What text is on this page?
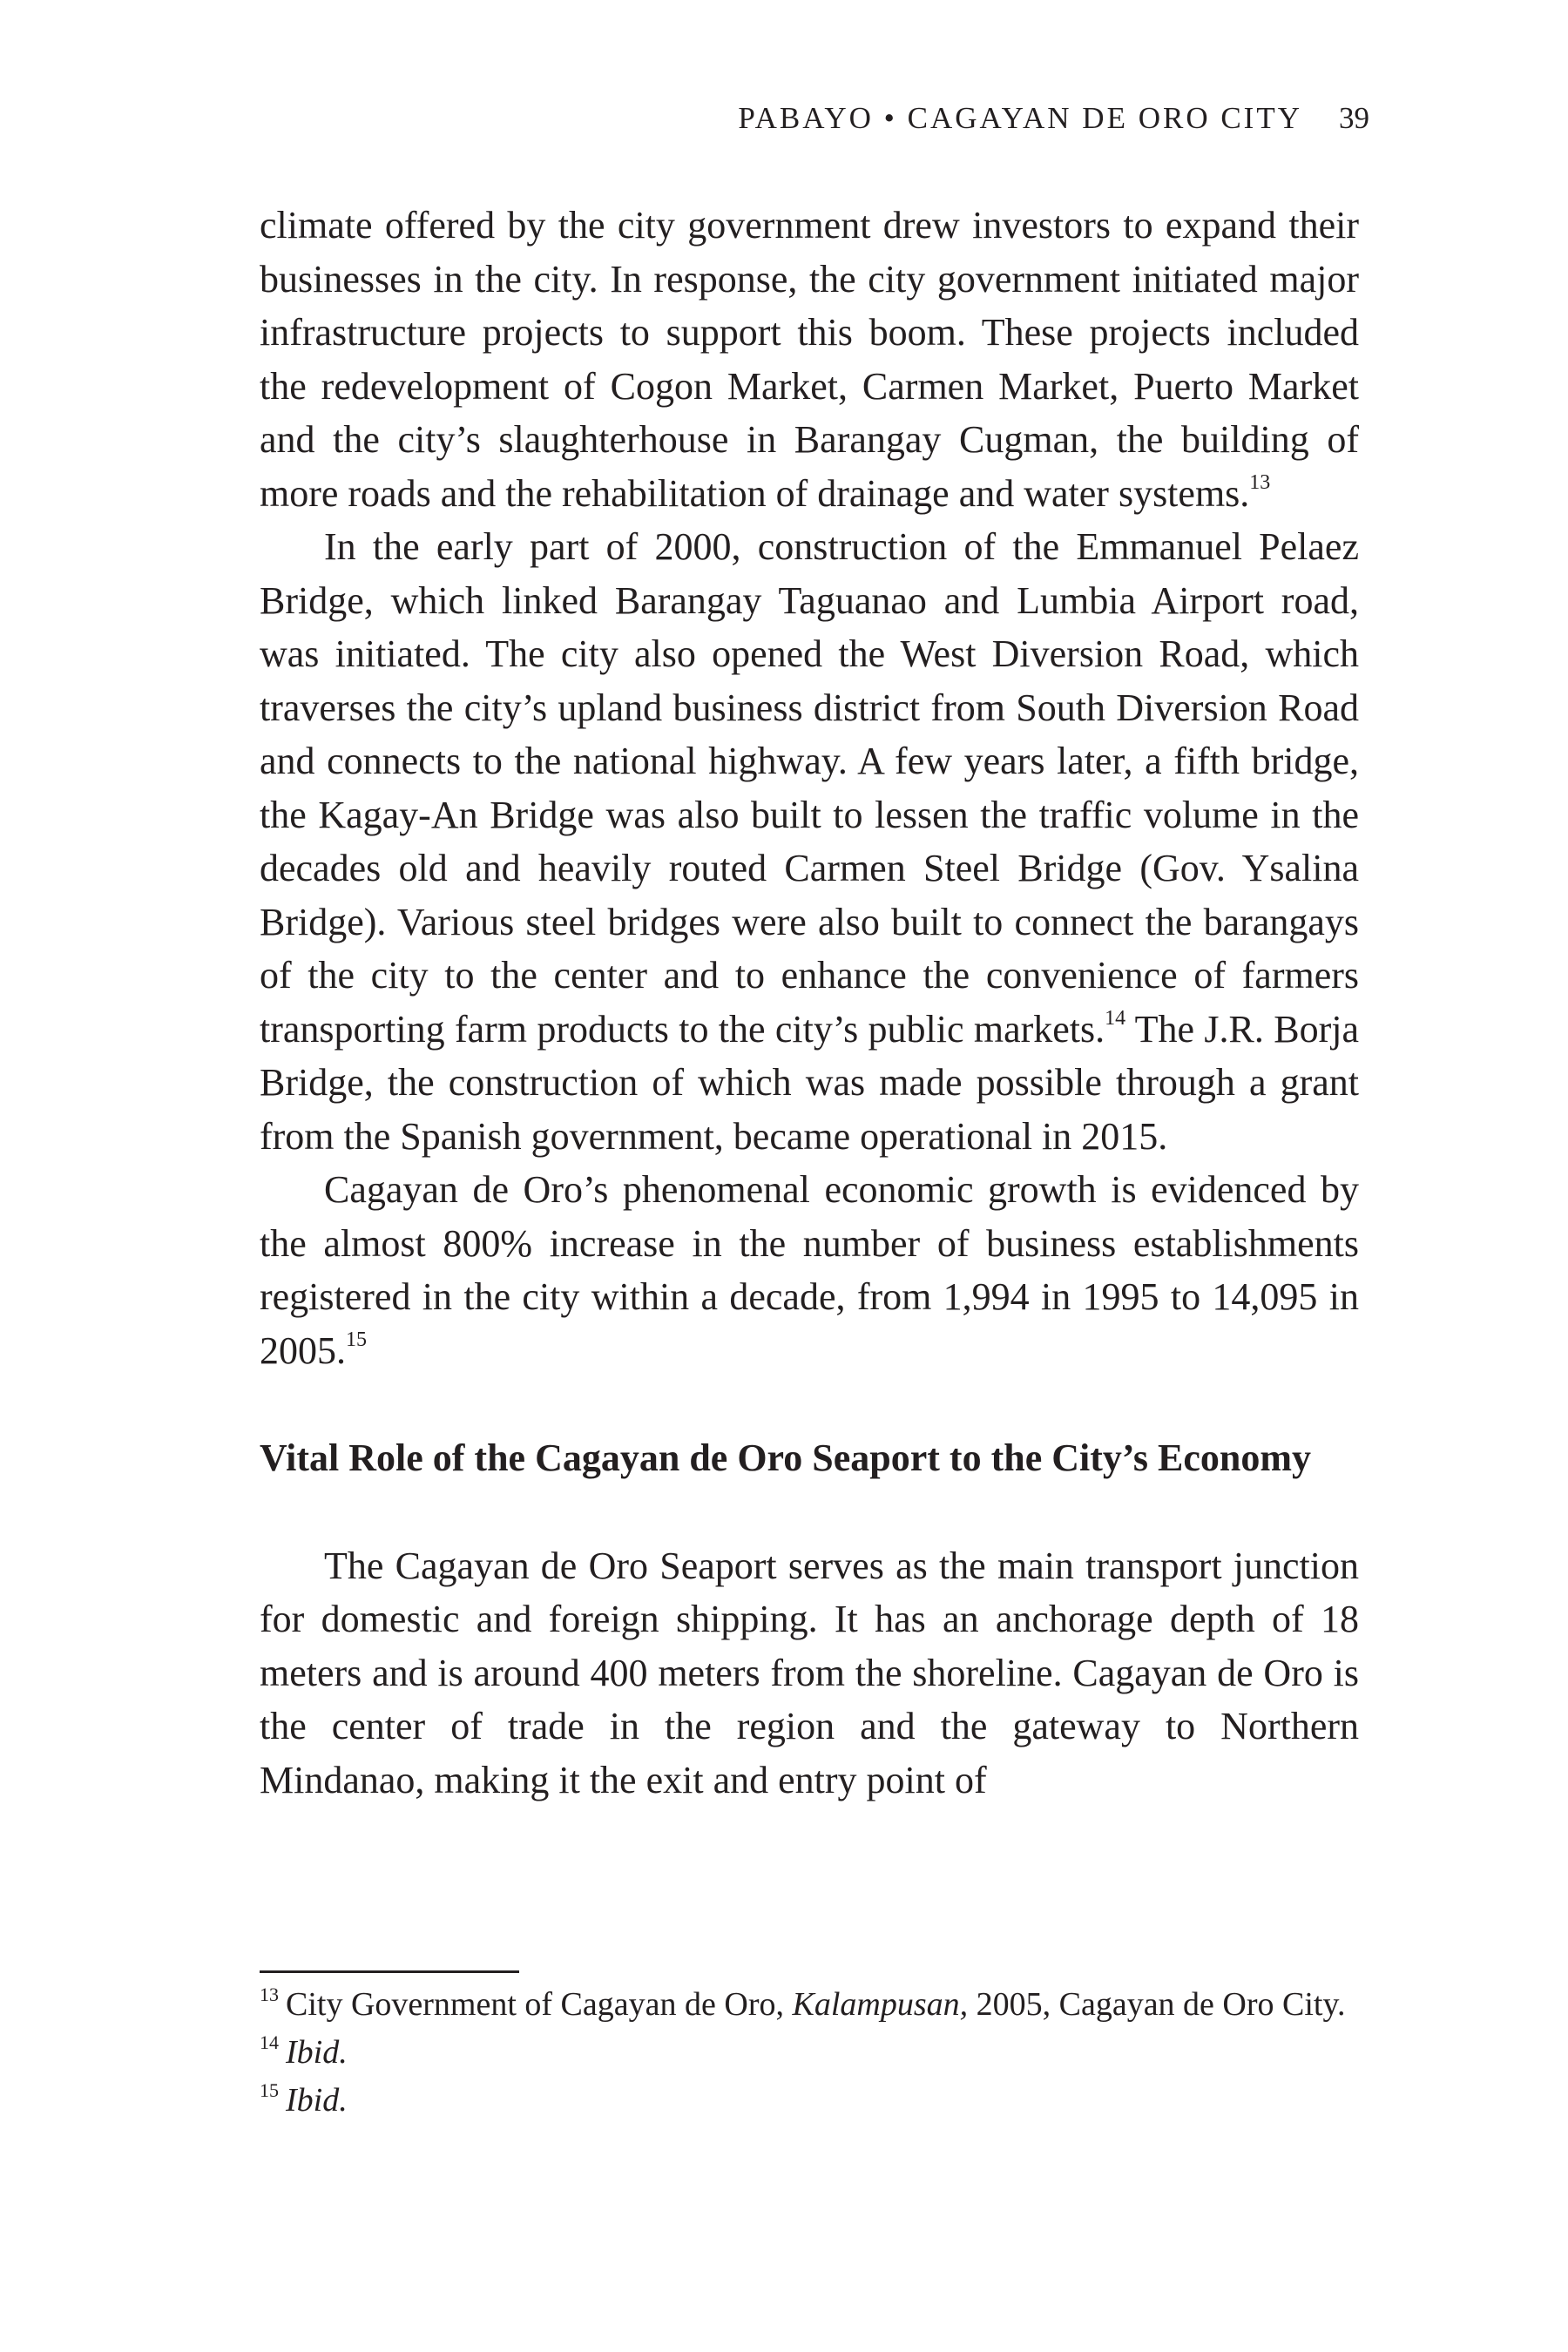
PABAYO • CAGAYAN DE ORO CITY 39

climate offered by the city government drew investors to expand their businesses in the city. In response, the city government initiated major infrastructure projects to support this boom. These projects included the redevelopment of Cogon Market, Carmen Market, Puerto Market and the city’s slaughterhouse in Barangay Cugman, the building of more roads and the rehabilitation of drainage and water systems.$^{13}$

In the early part of 2000, construction of the Emmanuel Pelaez Bridge, which linked Barangay Taguanao and Lumbia Airport road, was initiated. The city also opened the West Diversion Road, which traverses the city’s upland business district from South Diversion Road and connects to the national highway. A few years later, a fifth bridge, the Kagay-An Bridge was also built to lessen the traffic volume in the decades old and heavily routed Carmen Steel Bridge (Gov. Ysalina Bridge). Various steel bridges were also built to connect the barangays of the city to the center and to enhance the convenience of farmers transporting farm products to the city’s public markets.$^{14}$ The J.R. Borja Bridge, the construction of which was made possible through a grant from the Spanish government, became operational in 2015.

Cagayan de Oro’s phenomenal economic growth is evidenced by the almost 800% increase in the number of business establishments registered in the city within a decade, from 1,994 in 1995 to 14,095 in 2005.15

Vital Role of the Cagayan de Oro Seaport to the City’s Economy

The Cagayan de Oro Seaport serves as the main transport junction for domestic and foreign shipping. It has an anchorage depth of 18 meters and is around 400 meters from the shoreline. Cagayan de Oro is the center of trade in the region and the gateway to Northern Mindanao, making it the exit and entry point of

$^{13}$ City Government of Cagayan de Oro, Kalampusan, 2005, Cagayan de Oro City.

$^{14}$ Ibid.

$^{15}$ Ibid.
